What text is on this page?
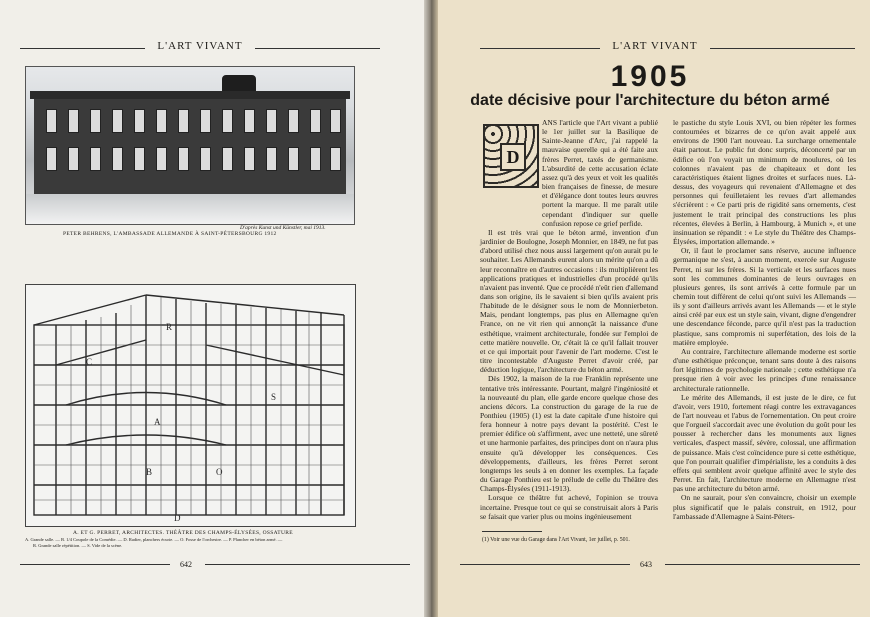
L'ART VIVANT
D'après Kunst und Künstler, mai 1913.
PETER BEHRENS, L'AMBASSADE ALLEMANDE À SAINT-PÉTERSBOURG 1912
R
A
S
B	O
D
C
A. ET G. PERRET, ARCHITECTES. THÉÂTRE DES CHAMPS-ÉLYSÉES, OSSATURE
A. Grande salle. — B. 1/4 Coupole de la Comédie. — D. Radier, planchers écurie. — O. Fosse de l'orchestre. — P. Plancher en béton armé. —
R. Grande salle répétition. — S. Vide de la scène.
642
L'ART VIVANT
1905
date décisive pour l'architecture du béton armé
D

ANS l'article que l'Art vivant a publié le 1er juillet sur la Basilique de Sainte-Jeanne d'Arc, j'ai rappelé la mauvaise querelle qui a été faite aux frères Perret, taxés de germanisme. L'absurdité de cette accusation éclate assez qu'à des yeux et voit les qualités bien françaises de finesse, de mesure et d'élégance dont toutes leurs œuvres portent la marque. Il me paraît utile cependant d'indiquer sur quelle confusion repose ce grief perfide.

Il est très vrai que le béton armé, invention d'un jardinier de Boulogne, Joseph Monnier, en 1849, ne fut pas d'abord utilisé chez nous aussi largement qu'on aurait pu le souhaiter. Les Allemands eurent alors un mérite qu'on a dû leur reconnaître en d'autres occasions : ils multiplièrent les applications pratiques et industrielles d'un procédé qu'ils n'avaient pas inventé. Que ce procédé n'eût rien d'allemand dans son origine, ils le savaient si bien qu'ils avaient pris l'habitude de le désigner sous le nom de Monnierbeton. Mais, pendant longtemps, pas plus en Allemagne qu'en France, on ne vit rien qui annonçât la naissance d'une esthétique, vraiment architecturale, fondée sur l'emploi de cette matière nouvelle. Or, c'était là ce qu'il fallait trouver et ce qui importait pour l'avenir de l'art moderne. C'est le titre incontestable d'Auguste Perret d'avoir créé, par déduction logique, l'architecture du béton armé.

Dès 1902, la maison de la rue Franklin représente une tentative très intéressante. Pourtant, malgré l'ingéniosité et la nouveauté du plan, elle garde encore quelque chose des anciens décors. La construction du garage de la rue de Ponthieu (1905) (1) est la date capitale d'une histoire qui fera honneur à notre pays devant la postérité. C'est le premier édifice où s'affirment, avec une netteté, une sûreté et une harmonie parfaites, des principes dont on n'aura plus ensuite qu'à développer les conséquences. Ces développements, d'ailleurs, les frères Perret seront longtemps les seuls à en donner les exemples. La façade du Garage Ponthieu est le prélude de celle du Théâtre des Champs-Élysées (1911-1913).

Lorsque ce théâtre fut achevé, l'opinion se trouva incertaine. Presque tout ce qui se construisait alors à Paris se faisait que varier plus ou moins ingénieusement

le pastiche du style Louis XVI, ou bien répéter les formes contournées et bizarres de ce qu'on avait appelé aux environs de 1900 l'art nouveau. La surcharge ornementale était partout. Le public fut donc surpris, déconcerté par un édifice où l'on voyait un minimum de moulures, où les colonnes n'avaient pas de chapiteaux et dont les caractéristiques étaient lignes droites et surfaces nues. Là-dessus, des voyageurs qui revenaient d'Allemagne et des personnes qui feuilletaient les revues d'art allemandes s'écrièrent : « Ce parti pris de rigidité sans ornements, c'est justement le trait principal des constructions les plus récentes, élevées à Berlin, à Hambourg, à Munich », et une insinuation se répandit : « Le style du Théâtre des Champs-Élysées, importation allemande. »

Or, il faut le proclamer sans réserve, aucune influence germanique ne s'est, à aucun moment, exercée sur Auguste Perret, ni sur les frères. Si la verticale et les surfaces nues sont les communes dominantes de leurs ouvrages en plusieurs genres, ils sont arrivés à cette formule par un chemin tout différent de celui qu'ont suivi les Allemands — ils y sont d'ailleurs arrivés avant les Allemands — et le style ainsi créé par eux est un style sain, vivant, digne d'engendrer une descendance féconde, parce qu'il n'est pas la traduction plastique, sans compromis ni superfétation, des lois de la matière employée.

Au contraire, l'architecture allemande moderne est sortie d'une esthétique préconçue, tenant sans doute à des raisons fort légitimes de psychologie nationale ; cette esthétique n'a presque rien à voir avec les principes d'une renaissance architecturale rationnelle.

Le mérite des Allemands, il est juste de le dire, ce fut d'avoir, vers 1910, fortement réagi contre les extravagances de l'art nouveau et l'abus de l'ornementation. On peut croire que l'orgueil s'accordait avec une évolution du goût pour les pousser à rechercher dans les monuments aux lignes verticales, d'aspect massif, sévère, colossal, une affirmation de puissance. Mais c'est coïncidence pure si cette esthétique, que l'on pourrait qualifier d'impérialiste, les a conduits à des effets qui semblent avoir quelque affinité avec le style des Perret. En fait, l'architecture moderne en Allemagne n'est pas une architecture du béton armé.

On ne saurait, pour s'en convaincre, choisir un exemple plus significatif que le palais construit, en 1912, pour l'ambassade d'Allemagne à Saint-Péters-

(1) Voir une vue du Garage dans l'Art Vivant, 1er juillet, p. 501.
643
